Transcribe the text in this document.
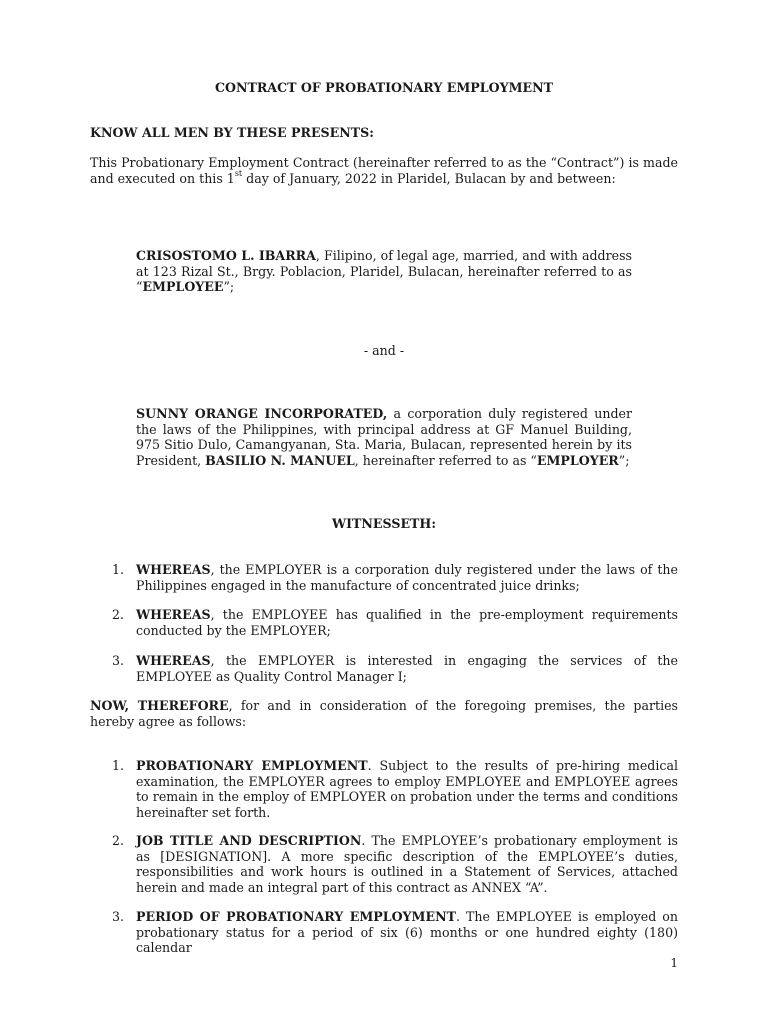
CONTRACT OF PROBATIONARY EMPLOYMENT
KNOW ALL MEN BY THESE PRESENTS:
This Probationary Employment Contract (hereinafter referred to as the “Contract”) is made and executed on this 1st day of January, 2022 in Plaridel, Bulacan by and between:
CRISOSTOMO L. IBARRA, Filipino, of legal age, married, and with address at 123 Rizal St., Brgy. Poblacion, Plaridel, Bulacan, hereinafter referred to as “EMPLOYEE”;
- and -
SUNNY ORANGE INCORPORATED, a corporation duly registered under the laws of the Philippines, with principal address at GF Manuel Building, 975 Sitio Dulo, Camangyanan, Sta. Maria, Bulacan, represented herein by its President, BASILIO N. MANUEL, hereinafter referred to as “EMPLOYER”;
WITNESSETH:
1. WHEREAS, the EMPLOYER is a corporation duly registered under the laws of the Philippines engaged in the manufacture of concentrated juice drinks;
2. WHEREAS, the EMPLOYEE has qualified in the pre-employment requirements conducted by the EMPLOYER;
3. WHEREAS, the EMPLOYER is interested in engaging the services of the EMPLOYEE as Quality Control Manager I;
NOW, THEREFORE, for and in consideration of the foregoing premises, the parties hereby agree as follows:
1. PROBATIONARY EMPLOYMENT. Subject to the results of pre-hiring medical examination, the EMPLOYER agrees to employ EMPLOYEE and EMPLOYEE agrees to remain in the employ of EMPLOYER on probation under the terms and conditions hereinafter set forth.
2. JOB TITLE AND DESCRIPTION. The EMPLOYEE’s probationary employment is as [DESIGNATION]. A more specific description of the EMPLOYEE’s duties, responsibilities and work hours is outlined in a Statement of Services, attached herein and made an integral part of this contract as ANNEX “A”.
3. PERIOD OF PROBATIONARY EMPLOYMENT. The EMPLOYEE is employed on probationary status for a period of six (6) months or one hundred eighty (180) calendar
1
